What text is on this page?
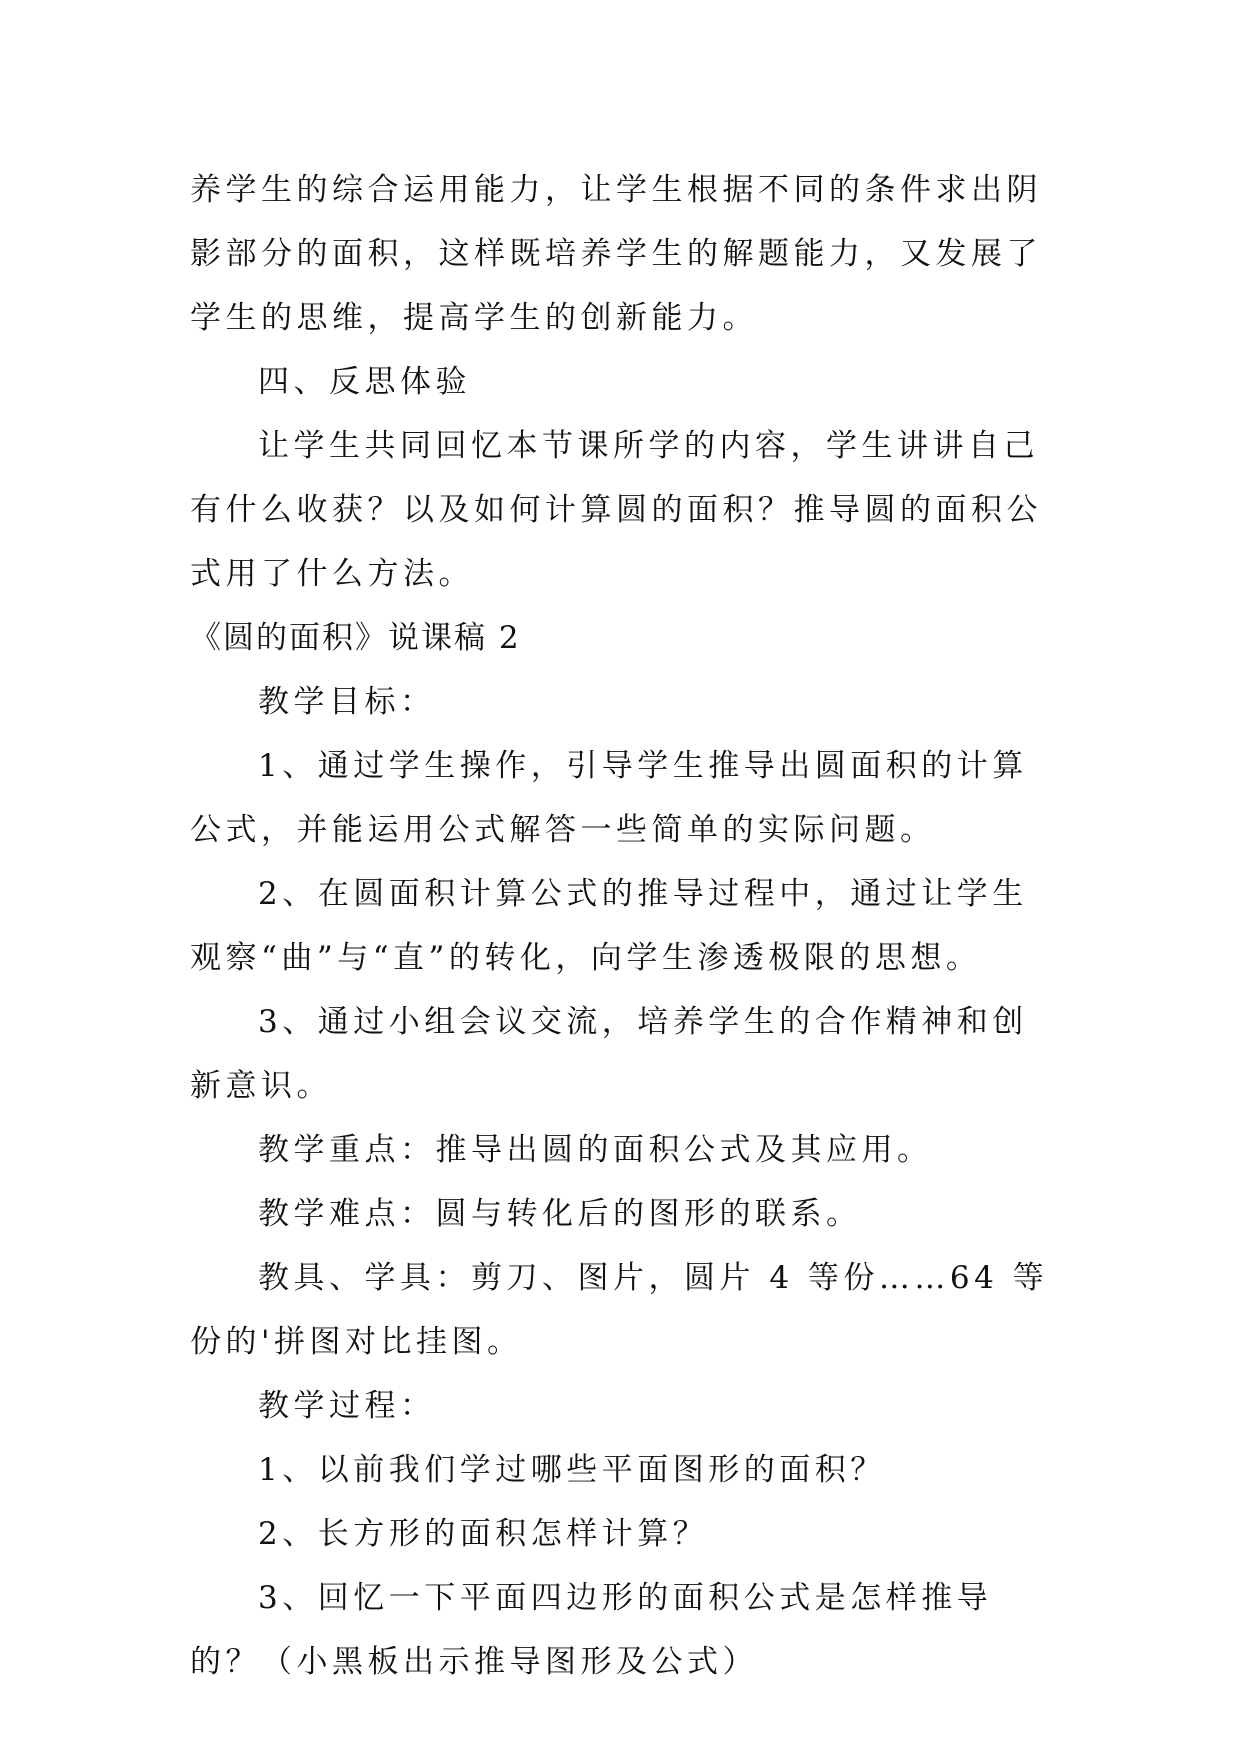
养学生的综合运用能力，让学生根据不同的条件求出阴影部分的面积，这样既培养学生的解题能力，又发展了学生的思维，提高学生的创新能力。

四、反思体验

让学生共同回忆本节课所学的内容，学生讲讲自己有什么收获？以及如何计算圆的面积？推导圆的面积公式用了什么方法。

《圆的面积》说课稿 2

教学目标：

1、通过学生操作，引导学生推导出圆面积的计算公式，并能运用公式解答一些简单的实际问题。

2、在圆面积计算公式的推导过程中，通过让学生观察“曲”与“直”的转化，向学生渗透极限的思想。

3、通过小组会议交流，培养学生的合作精神和创新意识。

教学重点：推导出圆的面积公式及其应用。

教学难点：圆与转化后的图形的联系。

教具、学具：剪刀、图片，圆片 4 等份……64 等份的'拼图对比挂图。

教学过程：

1、以前我们学过哪些平面图形的面积？

2、长方形的面积怎样计算？

3、回忆一下平面四边形的面积公式是怎样推导的？（小黑板出示推导图形及公式）
